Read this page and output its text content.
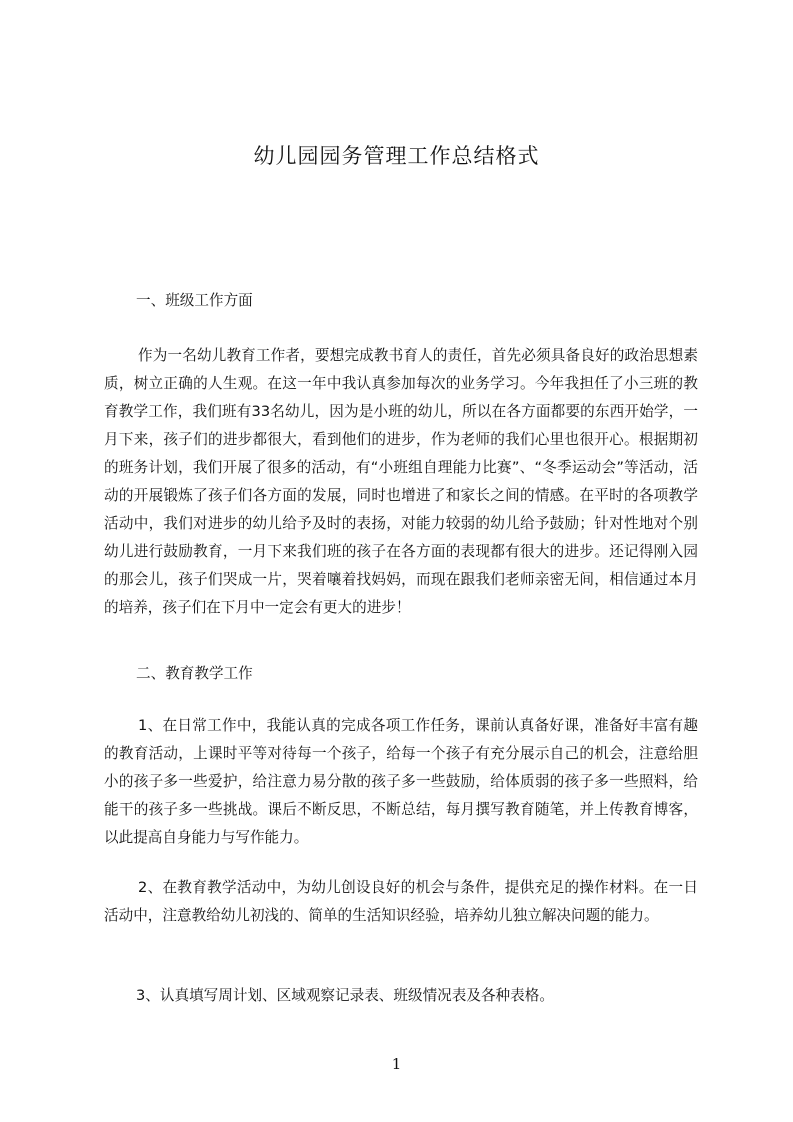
幼儿园园务管理工作总结格式
一、班级工作方面
作为一名幼儿教育工作者，要想完成教书育人的责任，首先必须具备良好的政治思想素质，树立正确的人生观。在这一年中我认真参加每次的业务学习。今年我担任了小三班的教育教学工作，我们班有33名幼儿，因为是小班的幼儿，所以在各方面都要的东西开始学，一月下来，孩子们的进步都很大，看到他们的进步，作为老师的我们心里也很开心。根据期初的班务计划，我们开展了很多的活动，有“小班组自理能力比赛”、“冬季运动会”等活动，活动的开展锻炼了孩子们各方面的发展，同时也增进了和家长之间的情感。在平时的各项教学活动中，我们对进步的幼儿给予及时的表扬，对能力较弱的幼儿给予鼓励；针对性地对个别幼儿进行鼓励教育，一月下来我们班的孩子在各方面的表现都有很大的进步。还记得刚入园的那会儿，孩子们哭成一片，哭着嚷着找妈妈，而现在跟我们老师亲密无间，相信通过本月的培养，孩子们在下月中一定会有更大的进步！
二、教育教学工作
1、在日常工作中，我能认真的完成各项工作任务，课前认真备好课，准备好丰富有趣的教育活动，上课时平等对待每一个孩子，给每一个孩子有充分展示自己的机会，注意给胆小的孩子多一些爱护，给注意力易分散的孩子多一些鼓励，给体质弱的孩子多一些照料，给能干的孩子多一些挑战。课后不断反思，不断总结，每月撰写教育随笔，并上传教育博客，以此提高自身能力与写作能力。
2、在教育教学活动中，为幼儿创设良好的机会与条件，提供充足的操作材料。在一日活动中，注意教给幼儿初浅的、简单的生活知识经验，培养幼儿独立解决问题的能力。
3、认真填写周计划、区域观察记录表、班级情况表及各种表格。
1
